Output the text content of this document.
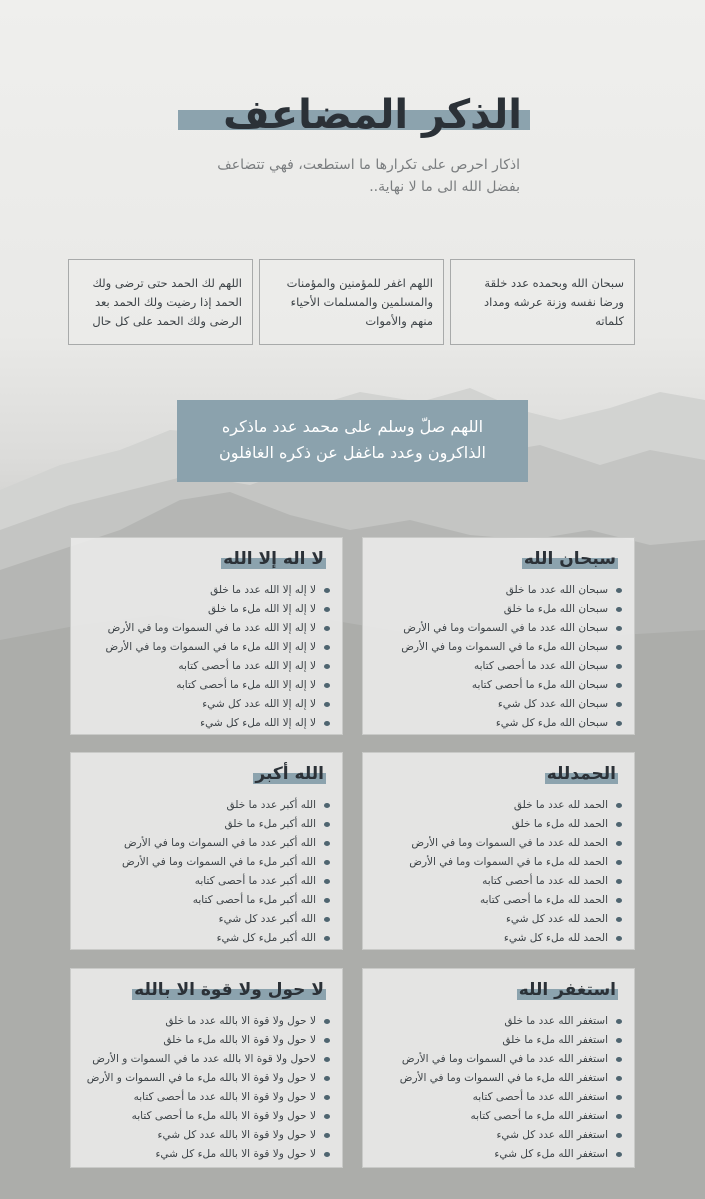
الذكر المضاعف

اذكار احرص على تكرارها ما استطعت، فهي تتضاعف
بفضل الله الى ما لا نهاية..

سبحان الله وبحمده عدد خلقة ورضا نفسه وزنة عرشه ومداد كلماته
اللهم اغفر للمؤمنين والمؤمنات والمسلمين والمسلمات الأحياء منهم والأموات
اللهم لك الحمد حتى ترضى ولك الحمد إذا رضيت ولك الحمد بعد الرضى ولك الحمد على كل حال

اللهم صلّ وسلم على محمد عدد ماذكره
الذاكرون وعدد ماغفل عن ذكره الغافلون

سبحان الله
سبحان الله عدد ما خلق
سبحان الله ملء ما خلق
سبحان الله عدد ما في السموات وما في الأرض
سبحان الله ملء ما في السموات وما في الأرض
سبحان الله عدد ما أحصى كتابه
سبحان الله ملء ما أحصى كتابه
سبحان الله عدد كل شيء
سبحان الله ملء كل شيء
لا اله إلا الله
لا إله إلا الله عدد ما خلق
لا إله إلا الله ملء ما خلق
لا إله إلا الله عدد ما في السموات وما في الأرض
لا إله إلا الله ملء ما في السموات وما في الأرض
لا إله إلا الله عدد ما أحصى كتابه
لا إله إلا الله ملء ما أحصى كتابه
لا إله إلا الله عدد كل شيء
لا إله إلا الله ملء كل شيء
الحمدلله
الحمد لله عدد ما خلق
الحمد لله ملء ما خلق
الحمد لله عدد ما في السموات وما في الأرض
الحمد لله ملء ما في السموات وما في الأرض
الحمد لله عدد ما أحصى كتابه
الحمد لله ملء ما أحصى كتابه
الحمد لله عدد كل شيء
الحمد لله ملء كل شيء
الله أكبر
الله أكبر عدد ما خلق
الله أكبر ملء ما خلق
الله أكبر عدد ما في السموات وما في الأرض
الله أكبر ملء ما في السموات وما في الأرض
الله أكبر عدد ما أحصى كتابه
الله أكبر ملء ما أحصى كتابه
الله أكبر عدد كل شيء
الله أكبر ملء كل شيء
استغفر الله
استغفر الله عدد ما خلق
استغفر الله ملء ما خلق
استغفر الله عدد ما في السموات وما في الأرض
استغفر الله ملء ما في السموات وما في الأرض
استغفر الله عدد ما أحصى كتابه
استغفر الله ملء ما أحصى كتابه
استغفر الله عدد كل شيء
استغفر الله ملء كل شيء
لا حول ولا قوة الا بالله
لا حول ولا قوة الا بالله عدد ما خلق
لا حول ولا قوة الا بالله ملء ما خلق
لاحول ولا قوة الا بالله عدد ما في السموات و الأرض
لا حول ولا قوة الا بالله ملء ما في السموات و الأرض
لا حول ولا قوة الا بالله عدد ما أحصى كتابه
لا حول ولا قوة الا بالله ملء ما أحصى كتابه
لا حول ولا قوة الا بالله عدد كل شيء
لا حول ولا قوة الا بالله ملء كل شيء
